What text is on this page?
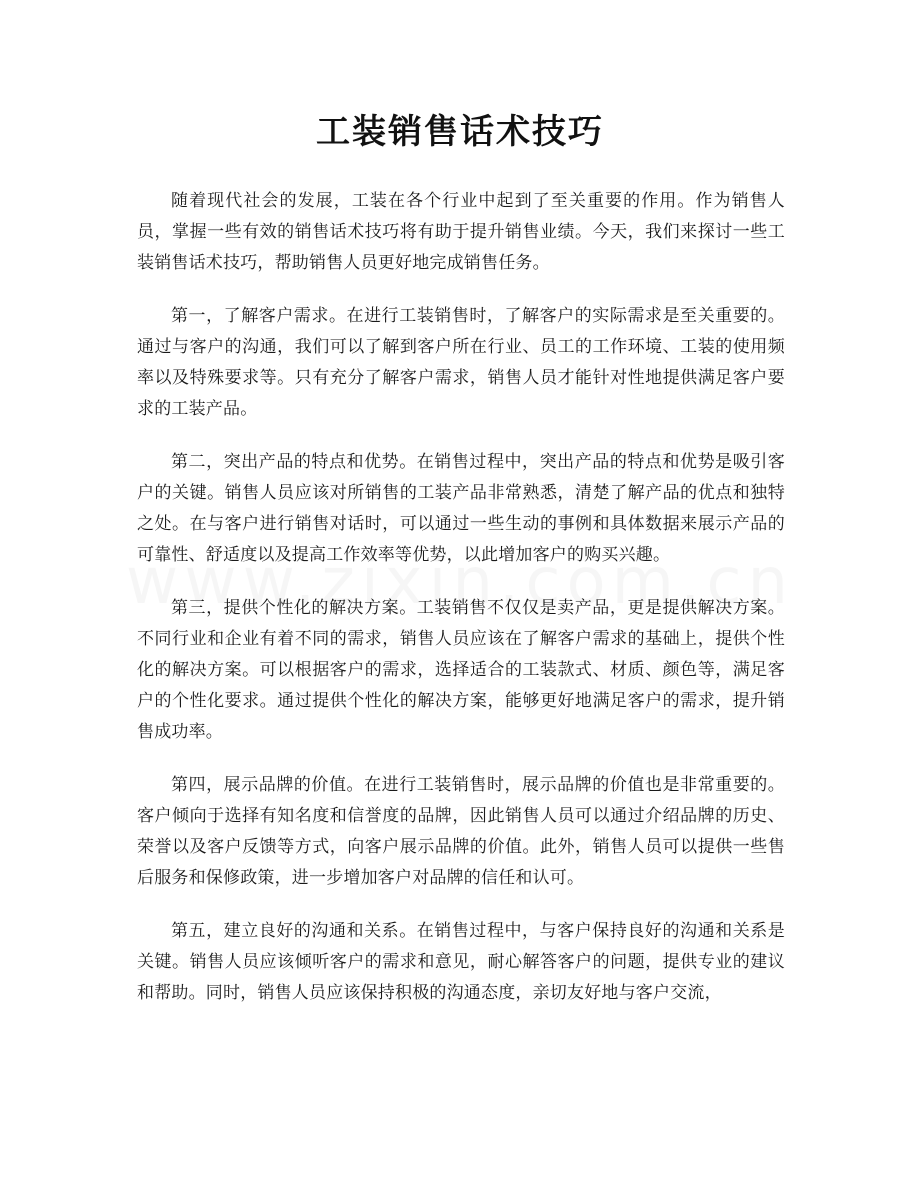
工装销售话术技巧

随着现代社会的发展，工装在各个行业中起到了至关重要的作用。作为销售人员，掌握一些有效的销售话术技巧将有助于提升销售业绩。今天，我们来探讨一些工装销售话术技巧，帮助销售人员更好地完成销售任务。

第一，了解客户需求。在进行工装销售时，了解客户的实际需求是至关重要的。通过与客户的沟通，我们可以了解到客户所在行业、员工的工作环境、工装的使用频率以及特殊要求等。只有充分了解客户需求，销售人员才能针对性地提供满足客户要求的工装产品。

第二，突出产品的特点和优势。在销售过程中，突出产品的特点和优势是吸引客户的关键。销售人员应该对所销售的工装产品非常熟悉，清楚了解产品的优点和独特之处。在与客户进行销售对话时，可以通过一些生动的事例和具体数据来展示产品的可靠性、舒适度以及提高工作效率等优势，以此增加客户的购买兴趣。

第三，提供个性化的解决方案。工装销售不仅仅是卖产品，更是提供解决方案。不同行业和企业有着不同的需求，销售人员应该在了解客户需求的基础上，提供个性化的解决方案。可以根据客户的需求，选择适合的工装款式、材质、颜色等，满足客户的个性化要求。通过提供个性化的解决方案，能够更好地满足客户的需求，提升销售成功率。

第四，展示品牌的价值。在进行工装销售时，展示品牌的价值也是非常重要的。客户倾向于选择有知名度和信誉度的品牌，因此销售人员可以通过介绍品牌的历史、荣誉以及客户反馈等方式，向客户展示品牌的价值。此外，销售人员可以提供一些售后服务和保修政策，进一步增加客户对品牌的信任和认可。

第五，建立良好的沟通和关系。在销售过程中，与客户保持良好的沟通和关系是关键。销售人员应该倾听客户的需求和意见，耐心解答客户的问题，提供专业的建议和帮助。同时，销售人员应该保持积极的沟通态度，亲切友好地与客户交流，
